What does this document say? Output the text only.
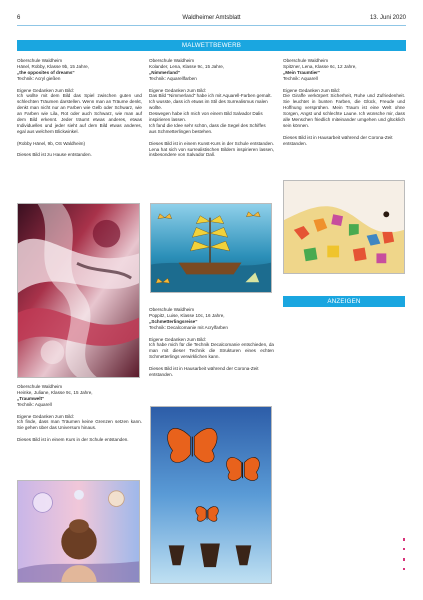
6	Waldheimer Amtsblatt	13. Juni 2020
MALWETTBEWERB

Oberschule Waldheim

Hänel, Robby, Klasse 9b, 15 Jahre,

„the opposites of dreams“

Technik: Acryl gießen

Eigene Gedanken zum Bild:

Ich wollte mit dem Bild das Spiel zwischen guten und schlechten Träumen darstellen. Wenn man an Träume denkt, denkt man nicht nur an Farben wie Gelb oder Schwarz, wie an Farben wie Lila, Rot oder auch Schwarz, wie man auf dem Bild erkennt. Jeder träumt etwas anderes, etwas Individuelles und jeder sieht auf dem Bild etwas anderes, egal aus welchem Blickwinkel.

(Robby Hänel, 9b, OS Waldheim)

Dieses Bild ist zu Hause entstanden.

Oberschule Waldheim

Heinke, Juliane, Klasse 9c, 15 Jahre,

„Traumwelt“

Technik: Aquarell

Eigene Gedanken zum Bild:

Ich finde, dass man Träumen keine Grenzen setzen kann. Sie gehen über das Universum hinaus.

Dieses Bild ist in einem Kurs in der Schule entstanden.

Oberschule Waldheim

Kolander, Lena, Klasse 9c, 15 Jahre,

„Nimmerland“

Technik: Aquarellfarben

Eigene Gedanken zum Bild:

Das Bild "Nimmerland" habe ich mit Aquarell-Farben gemalt.

Ich wusste, dass ich etwas im Stil des Surrealismus malen wollte.

Deswegen habe ich mich von einem Bild Salvador Dalis inspirieren lassen.

Ich fand die Idee sehr schön, dass die Segel des Schiffes aus Schmetterlingen bestehen.

Dieses Bild ist in einem Kunst-Kurs in der Schule entstanden. Lena hat sich von surrealistischen Bildern inspirieren lassen, insbesondere von Salvador Dalí.

Oberschule Waldheim

Poppitz, Luise, Klasse 10c, 16 Jahre,

„Schmetterlingsreise“

Technik: Decalcomanie mit Acrylfarben

Eigene Gedanken zum Bild:

Ich habe mich für die Technik Decalcomanie entschieden, da man mit dieser Technik die Strukturen eines echten Schmetterlings verwirklichen kann.

Dieses Bild ist in Hausarbeit während der Corona-Zeit entstanden.

Oberschule Waldheim

Spitzner, Lena, Klasse 6c, 12 Jahre,

„Mein Traumtier“

Technik: Aquarell

Eigene Gedanken zum Bild:

Die Giraffe verkörpert Sicherheit, Ruhe und Zufriedenheit. Sie leuchtet in bunten Farben, die Glück, Freude und Hoffnung versprühen. Mein Traum ist eine Welt ohne Sorgen, Angst und schlechte Laune. Ich wünsche mir, dass alle Menschen friedlich miteinander umgehen und glücklich sein können.

Dieses Bild ist in Hausarbeit während der Corona-Zeit entstanden.

ANZEIGEN
